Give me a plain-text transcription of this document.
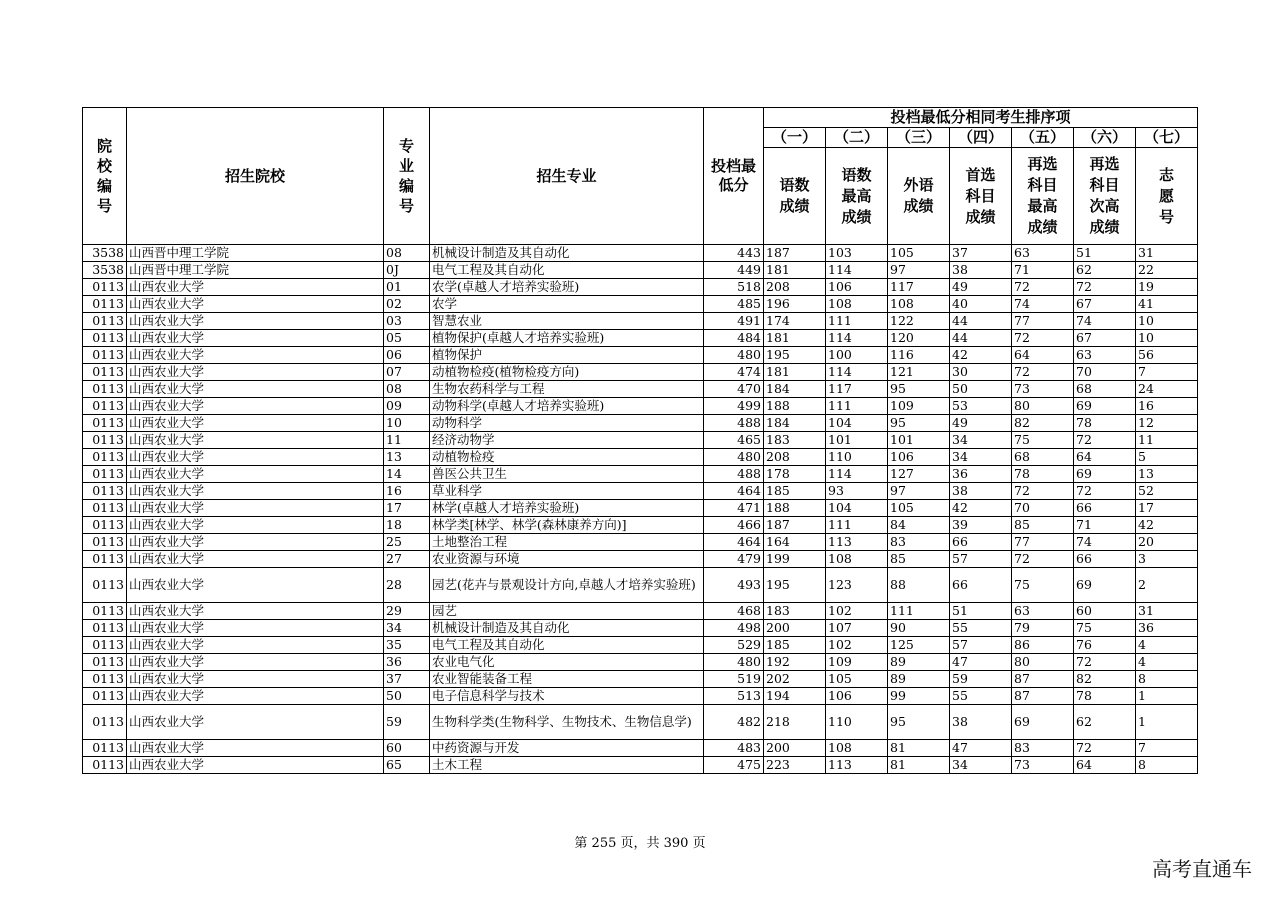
院校编号	招生院校	专业编号	招生专业	投档最低分	投档最低分相同考生排序项						
					（一）	（二）	（三）	（四）	（五）	（六）	（七）

					语数成绩	语数最高成绩	外语成绩	首选科目成绩	再选科目最高成绩	再选科目次高成绩	志愿号

3538	山西晋中理工学院	08	机械设计制造及其自动化	443	187	103	105	37	63	51	31
3538	山西晋中理工学院	0J	电气工程及其自动化	449	181	114	97	38	71	62	22
0113	山西农业大学	01	农学(卓越人才培养实验班)	518	208	106	117	49	72	72	19
0113	山西农业大学	02	农学	485	196	108	108	40	74	67	41
0113	山西农业大学	03	智慧农业	491	174	111	122	44	77	74	10
0113	山西农业大学	05	植物保护(卓越人才培养实验班)	484	181	114	120	44	72	67	10
0113	山西农业大学	06	植物保护	480	195	100	116	42	64	63	56
0113	山西农业大学	07	动植物检疫(植物检疫方向)	474	181	114	121	30	72	70	7
0113	山西农业大学	08	生物农药科学与工程	470	184	117	95	50	73	68	24
0113	山西农业大学	09	动物科学(卓越人才培养实验班)	499	188	111	109	53	80	69	16
0113	山西农业大学	10	动物科学	488	184	104	95	49	82	78	12
0113	山西农业大学	11	经济动物学	465	183	101	101	34	75	72	11
0113	山西农业大学	13	动植物检疫	480	208	110	106	34	68	64	5
0113	山西农业大学	14	兽医公共卫生	488	178	114	127	36	78	69	13
0113	山西农业大学	16	草业科学	464	185	93	97	38	72	72	52
0113	山西农业大学	17	林学(卓越人才培养实验班)	471	188	104	105	42	70	66	17
0113	山西农业大学	18	林学类[林学、林学(森林康养方向)]	466	187	111	84	39	85	71	42
0113	山西农业大学	25	土地整治工程	464	164	113	83	66	77	74	20
0113	山西农业大学	27	农业资源与环境	479	199	108	85	57	72	66	3
0113	山西农业大学	28	园艺(花卉与景观设计方向,卓越人才培养实验班)	493	195	123	88	66	75	69	2
0113	山西农业大学	29	园艺	468	183	102	111	51	63	60	31
0113	山西农业大学	34	机械设计制造及其自动化	498	200	107	90	55	79	75	36
0113	山西农业大学	35	电气工程及其自动化	529	185	102	125	57	86	76	4
0113	山西农业大学	36	农业电气化	480	192	109	89	47	80	72	4
0113	山西农业大学	37	农业智能装备工程	519	202	105	89	59	87	82	8
0113	山西农业大学	50	电子信息科学与技术	513	194	106	99	55	87	78	1
0113	山西农业大学	59	生物科学类(生物科学、生物技术、生物信息学)	482	218	110	95	38	69	62	1
0113	山西农业大学	60	中药资源与开发	483	200	108	81	47	83	72	7
0113	山西农业大学	65	土木工程	475	223	113	81	34	73	64	8
第 255 页，共 390 页
高考直通车
